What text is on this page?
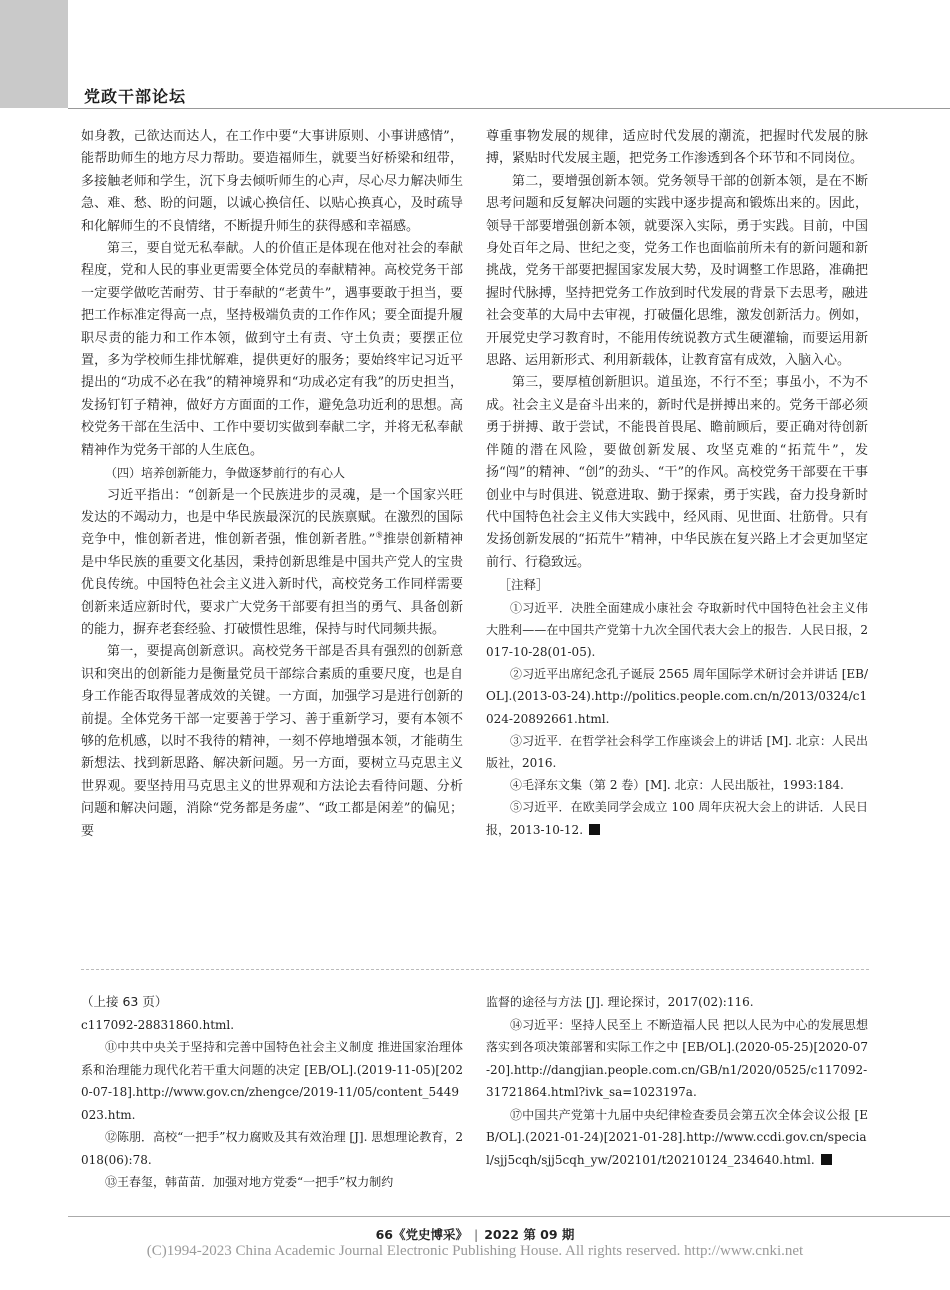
党政干部论坛

如身教，己欲达而达人，在工作中要“大事讲原则、小事讲感情”，能帮助师生的地方尽力帮助。要造福师生，就要当好桥梁和纽带，多接触老师和学生，沉下身去倾听师生的心声，尽心尽力解决师生急、难、愁、盼的问题，以诚心换信任、以贴心换真心，及时疏导和化解师生的不良情绪，不断提升师生的获得感和幸福感。

第三，要自觉无私奉献。人的价值正是体现在他对社会的奉献程度，党和人民的事业更需要全体党员的奉献精神。高校党务干部一定要学做吃苦耐劳、甘于奉献的“老黄牛”，遇事要敢于担当，要把工作标准定得高一点，坚持极端负责的工作作风；要全面提升履职尽责的能力和工作本领，做到守土有责、守土负责；要摆正位置，多为学校师生排忧解难，提供更好的服务；要始终牢记习近平提出的“功成不必在我”的精神境界和“功成必定有我”的历史担当，发扬钉钉子精神，做好方方面面的工作，避免急功近利的思想。高校党务干部在生活中、工作中要切实做到奉献二字，并将无私奉献精神作为党务干部的人生底色。

（四）培养创新能力，争做逐梦前行的有心人

习近平指出：“创新是一个民族进步的灵魂，是一个国家兴旺发达的不竭动力，也是中华民族最深沉的民族禀赋。在激烈的国际竞争中，惟创新者进，惟创新者强，惟创新者胜。”⑤推崇创新精神是中华民族的重要文化基因，秉持创新思维是中国共产党人的宝贵优良传统。中国特色社会主义进入新时代，高校党务工作同样需要创新来适应新时代，要求广大党务干部要有担当的勇气、具备创新的能力，摒弃老套经验、打破惯性思维，保持与时代同频共振。

第一，要提高创新意识。高校党务干部是否具有强烈的创新意识和突出的创新能力是衡量党员干部综合素质的重要尺度，也是自身工作能否取得显著成效的关键。一方面，加强学习是进行创新的前提。全体党务干部一定要善于学习、善于重新学习，要有本领不够的危机感，以时不我待的精神，一刻不停地增强本领，才能萌生新想法、找到新思路、解决新问题。另一方面，要树立马克思主义世界观。要坚持用马克思主义的世界观和方法论去看待问题、分析问题和解决问题，消除“党务都是务虚”、“政工都是闲差”的偏见；要

尊重事物发展的规律，适应时代发展的潮流，把握时代发展的脉搏，紧贴时代发展主题，把党务工作渗透到各个环节和不同岗位。

第二，要增强创新本领。党务领导干部的创新本领，是在不断思考问题和反复解决问题的实践中逐步提高和锻炼出来的。因此，领导干部要增强创新本领，就要深入实际，勇于实践。目前，中国身处百年之局、世纪之变，党务工作也面临前所未有的新问题和新挑战，党务干部要把握国家发展大势，及时调整工作思路，准确把握时代脉搏，坚持把党务工作放到时代发展的背景下去思考，融进社会变革的大局中去审视，打破僵化思维，激发创新活力。例如，开展党史学习教育时，不能用传统说教方式生硬灌输，而要运用新思路、运用新形式、利用新载体，让教育富有成效，入脑入心。

第三，要厚植创新胆识。道虽迩，不行不至；事虽小，不为不成。社会主义是奋斗出来的，新时代是拼搏出来的。党务干部必须勇于拼搏、敢于尝试，不能畏首畏尾、瞻前顾后，要正确对待创新伴随的潜在风险，要做创新发展、攻坚克难的“拓荒牛”，发扬“闯”的精神、“创”的劲头、“干”的作风。高校党务干部要在干事创业中与时俱进、锐意进取、勤于探索，勇于实践，奋力投身新时代中国特色社会主义伟大实践中，经风雨、见世面、壮筋骨。只有发扬创新发展的“拓荒牛”精神，中华民族在复兴路上才会更加坚定前行、行稳致远。

［注释］

①习近平．决胜全面建成小康社会 夺取新时代中国特色社会主义伟大胜利——在中国共产党第十九次全国代表大会上的报告．人民日报，2017-10-28(01-05).

②习近平出席纪念孔子诞辰 2565 周年国际学术研讨会并讲话 [EB/OL].(2013-03-24).http://politics.people.com.cn/n/2013/0324/c1024-20892661.html.

③习近平．在哲学社会科学工作座谈会上的讲话 [M]. 北京：人民出版社，2016.

④毛泽东文集（第 2 卷）[M]. 北京：人民出版社，1993:184.

⑤习近平．在欧美同学会成立 100 周年庆祝大会上的讲话．人民日报，2013-10-12.

（上接 63 页）

c117092-28831860.html.

⑪中共中央关于坚持和完善中国特色社会主义制度 推进国家治理体系和治理能力现代化若干重大问题的决定 [EB/OL].(2019-11-05)[2020-07-18].http://www.gov.cn/zhengce/2019-11/05/content_5449023.htm.

⑫陈朋．高校“一把手”权力腐败及其有效治理 [J]. 思想理论教育，2018(06):78.

⑬王春玺，韩苗苗．加强对地方党委“一把手”权力制约

监督的途径与方法 [J]. 理论探讨，2017(02):116.

⑭习近平：坚持人民至上 不断造福人民 把以人民为中心的发展思想落实到各项决策部署和实际工作之中 [EB/OL].(2020-05-25)[2020-07-20].http://dangjian.people.com.cn/GB/n1/2020/0525/c117092-31721864.html?ivk_sa=1023197a.

⑰中国共产党第十九届中央纪律检查委员会第五次全体会议公报 [EB/OL].(2021-01-24)[2021-01-28].http://www.ccdi.gov.cn/special/sjj5cqh/sjj5cqh_yw/202101/t20210124_234640.html.

66《党史博采》 | 2022 第 09 期
(C)1994-2023 China Academic Journal Electronic Publishing House. All rights reserved. http://www.cnki.net
